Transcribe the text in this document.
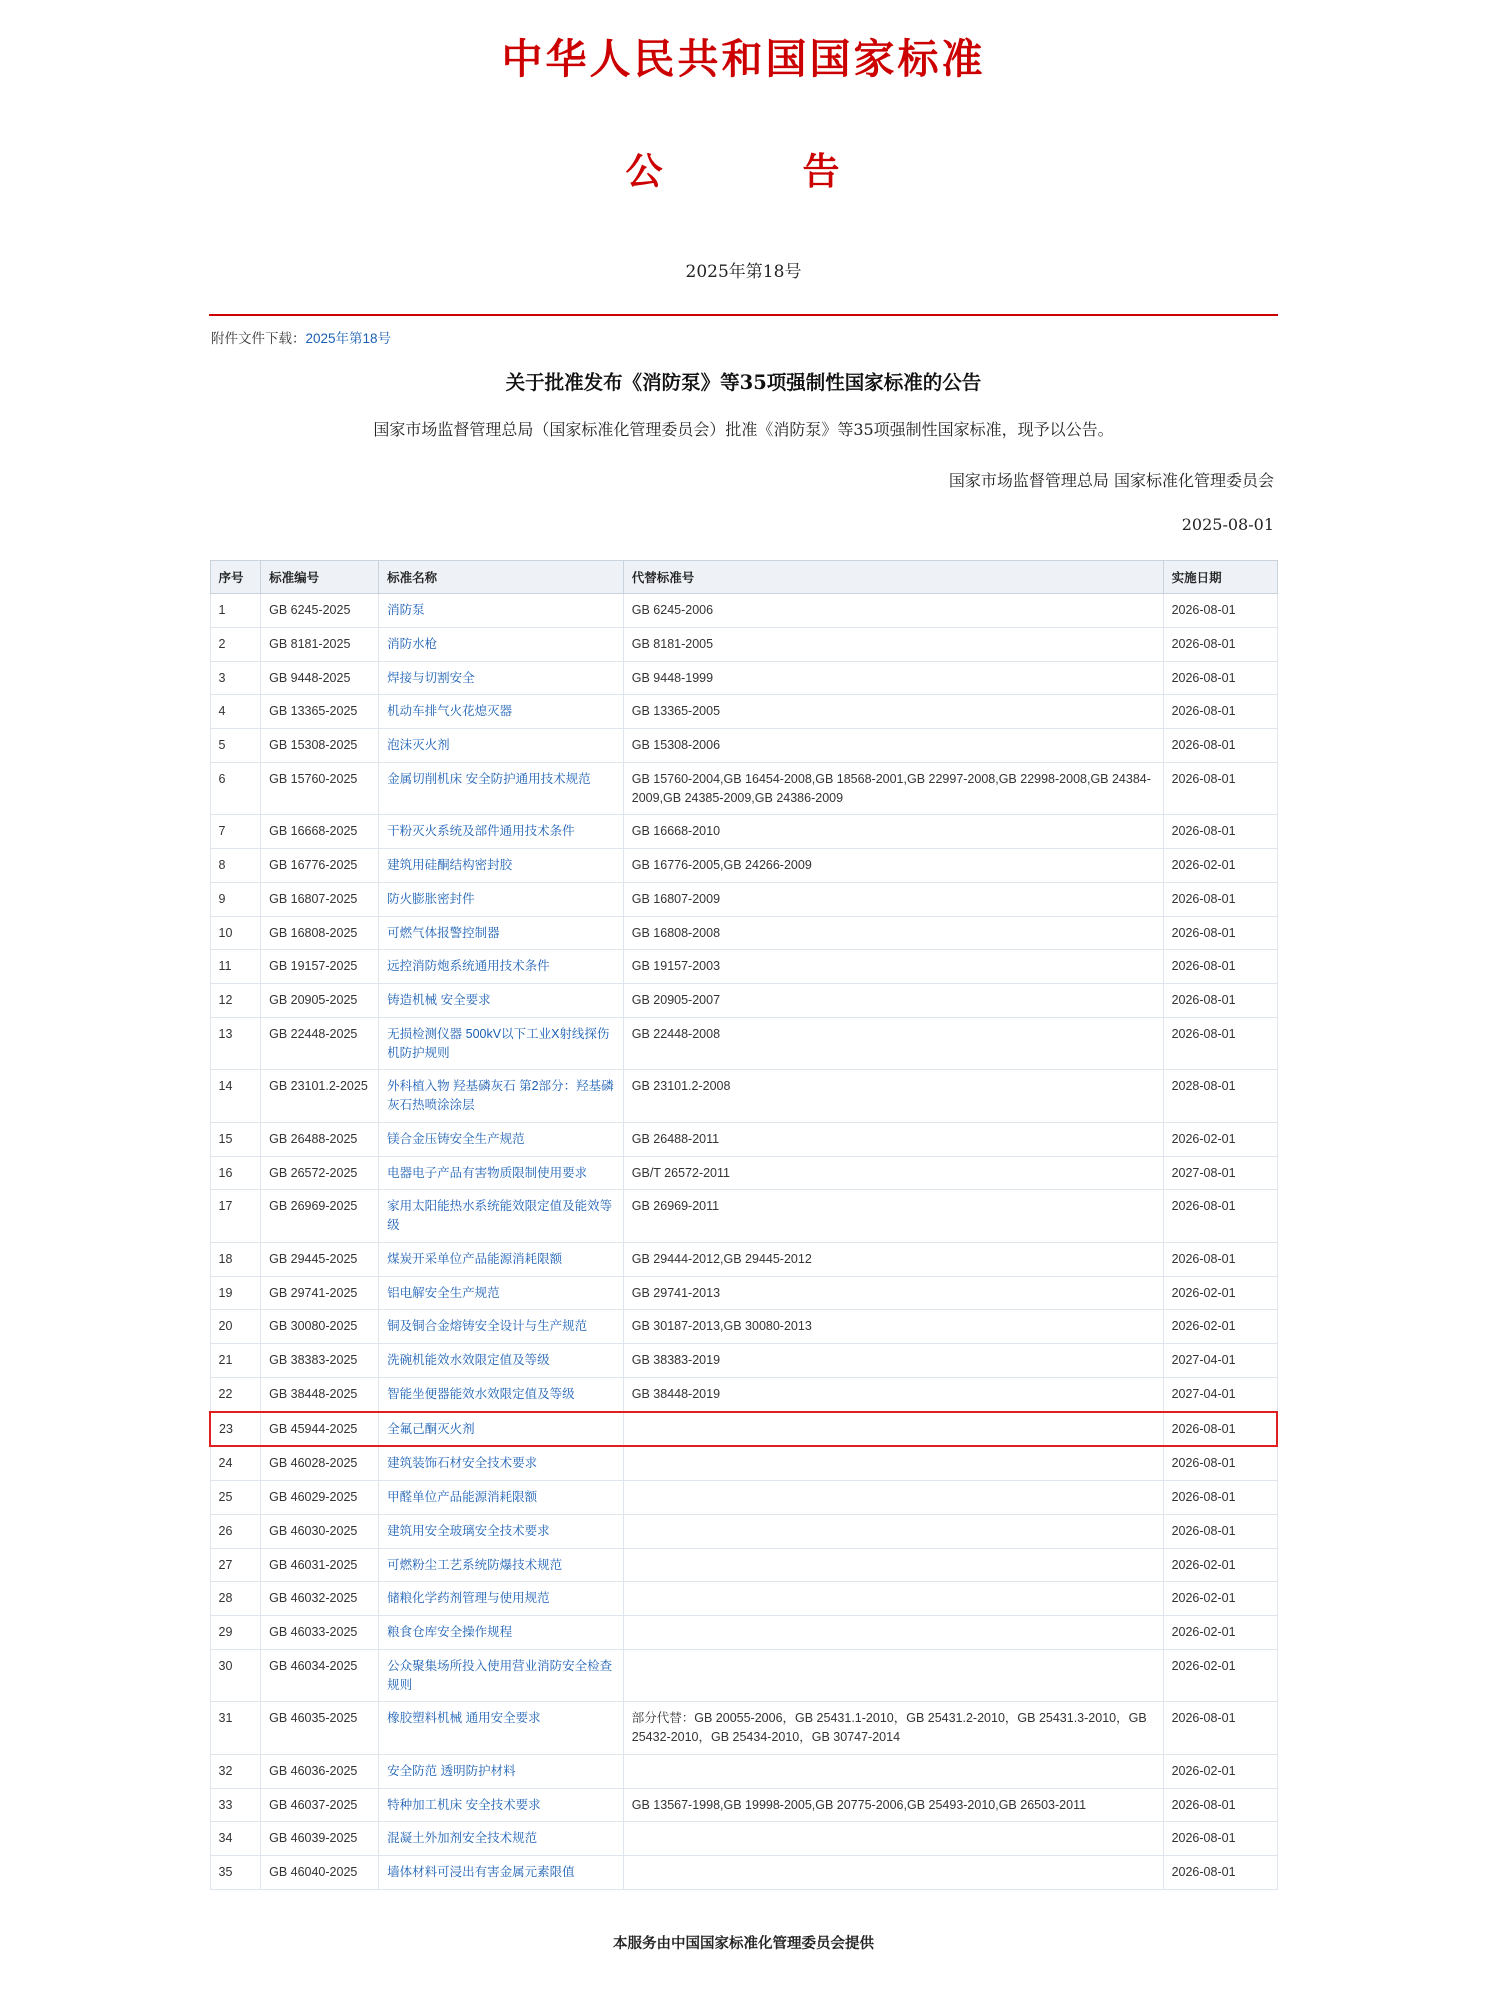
中华人民共和国国家标准
公　　告
2025年第18号
附件文件下载：2025年第18号
关于批准发布《消防泵》等35项强制性国家标准的公告
国家市场监督管理总局（国家标准化管理委员会）批准《消防泵》等35项强制性国家标准，现予以公告。
国家市场监督管理总局 国家标准化管理委员会
2025-08-01
序号	标准编号	标准名称	代替标准号	实施日期
1	GB 6245-2025	消防泵	GB 6245-2006	2026-08-01
2	GB 8181-2025	消防水枪	GB 8181-2005	2026-08-01
3	GB 9448-2025	焊接与切割安全	GB 9448-1999	2026-08-01
4	GB 13365-2025	机动车排气火花熄灭器	GB 13365-2005	2026-08-01
5	GB 15308-2025	泡沫灭火剂	GB 15308-2006	2026-08-01
6	GB 15760-2025	金属切削机床 安全防护通用技术规范	GB 15760-2004,GB 16454-2008,GB 18568-2001,GB 22997-2008,GB 22998-2008,GB 24384-2009,GB 24385-2009,GB 24386-2009	2026-08-01
7	GB 16668-2025	干粉灭火系统及部件通用技术条件	GB 16668-2010	2026-08-01
8	GB 16776-2025	建筑用硅酮结构密封胶	GB 16776-2005,GB 24266-2009	2026-02-01
9	GB 16807-2025	防火膨胀密封件	GB 16807-2009	2026-08-01
10	GB 16808-2025	可燃气体报警控制器	GB 16808-2008	2026-08-01
11	GB 19157-2025	远控消防炮系统通用技术条件	GB 19157-2003	2026-08-01
12	GB 20905-2025	铸造机械 安全要求	GB 20905-2007	2026-08-01
13	GB 22448-2025	无损检测仪器 500kV以下工业X射线探伤机防护规则	GB 22448-2008	2026-08-01
14	GB 23101.2-2025	外科植入物 羟基磷灰石 第2部分：羟基磷灰石热喷涂涂层	GB 23101.2-2008	2028-08-01
15	GB 26488-2025	镁合金压铸安全生产规范	GB 26488-2011	2026-02-01
16	GB 26572-2025	电器电子产品有害物质限制使用要求	GB/T 26572-2011	2027-08-01
17	GB 26969-2025	家用太阳能热水系统能效限定值及能效等级	GB 26969-2011	2026-08-01
18	GB 29445-2025	煤炭开采单位产品能源消耗限额	GB 29444-2012,GB 29445-2012	2026-08-01
19	GB 29741-2025	铝电解安全生产规范	GB 29741-2013	2026-02-01
20	GB 30080-2025	铜及铜合金熔铸安全设计与生产规范	GB 30187-2013,GB 30080-2013	2026-02-01
21	GB 38383-2025	洗碗机能效水效限定值及等级	GB 38383-2019	2027-04-01
22	GB 38448-2025	智能坐便器能效水效限定值及等级	GB 38448-2019	2027-04-01
23	GB 45944-2025	全氟己酮灭火剂		2026-08-01
24	GB 46028-2025	建筑装饰石材安全技术要求		2026-08-01
25	GB 46029-2025	甲醛单位产品能源消耗限额		2026-08-01
26	GB 46030-2025	建筑用安全玻璃安全技术要求		2026-08-01
27	GB 46031-2025	可燃粉尘工艺系统防爆技术规范		2026-02-01
28	GB 46032-2025	储粮化学药剂管理与使用规范		2026-02-01
29	GB 46033-2025	粮食仓库安全操作规程		2026-02-01
30	GB 46034-2025	公众聚集场所投入使用营业消防安全检查规则		2026-02-01
31	GB 46035-2025	橡胶塑料机械 通用安全要求	部分代替：GB 20055-2006，GB 25431.1-2010，GB 25431.2-2010，GB 25431.3-2010，GB 25432-2010，GB 25434-2010，GB 30747-2014	2026-08-01
32	GB 46036-2025	安全防范 透明防护材料		2026-02-01
33	GB 46037-2025	特种加工机床 安全技术要求	GB 13567-1998,GB 19998-2005,GB 20775-2006,GB 25493-2010,GB 26503-2011	2026-08-01
34	GB 46039-2025	混凝土外加剂安全技术规范		2026-08-01
35	GB 46040-2025	墙体材料可浸出有害金属元素限值		2026-08-01
本服务由中国国家标准化管理委员会提供
